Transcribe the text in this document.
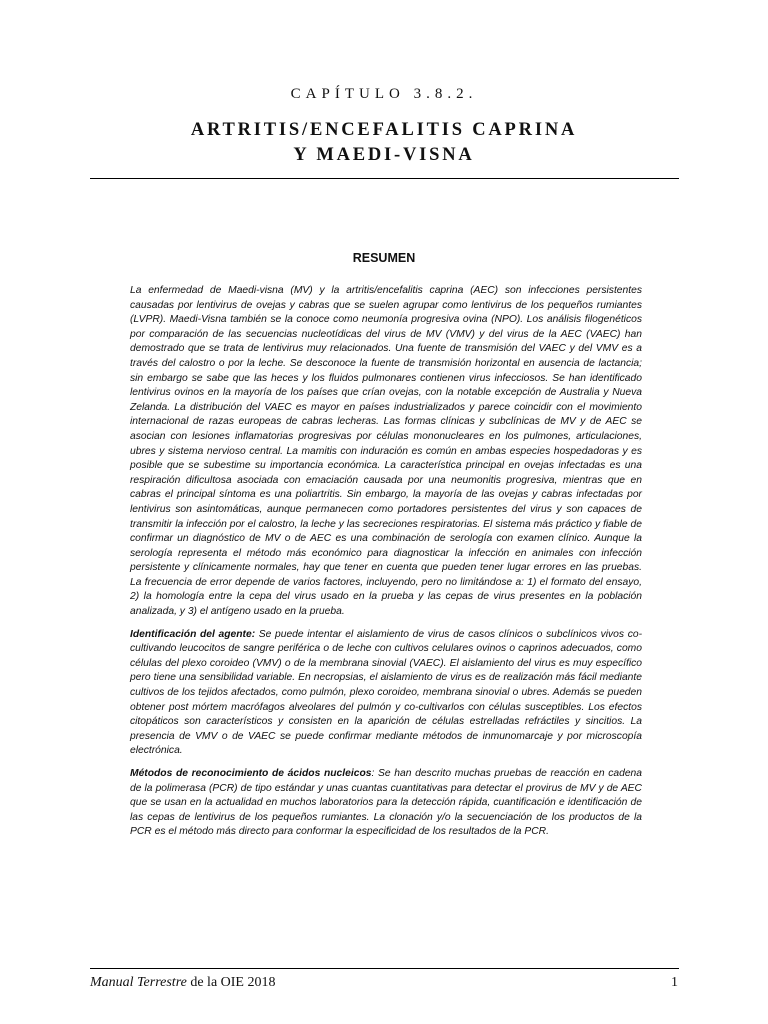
CAPÍTULO 3.8.2.
ARTRITIS/ENCEFALITIS CAPRINA
Y MAEDI-VISNA
RESUMEN

La enfermedad de Maedi-visna (MV) y la artritis/encefalitis caprina (AEC) son infecciones persistentes causadas por lentivirus de ovejas y cabras que se suelen agrupar como lentivirus de los pequeños rumiantes (LVPR). Maedi-Visna también se la conoce como neumonía progresiva ovina (NPO). Los análisis filogenéticos por comparación de las secuencias nucleotídicas del virus de MV (VMV) y del virus de la AEC (VAEC) han demostrado que se trata de lentivirus muy relacionados. Una fuente de transmisión del VAEC y del VMV es a través del calostro o por la leche. Se desconoce la fuente de transmisión horizontal en ausencia de lactancia; sin embargo se sabe que las heces y los fluidos pulmonares contienen virus infecciosos. Se han identificado lentivirus ovinos en la mayoría de los países que crían ovejas, con la notable excepción de Australia y Nueva Zelanda. La distribución del VAEC es mayor en países industrializados y parece coincidir con el movimiento internacional de razas europeas de cabras lecheras. Las formas clínicas y subclínicas de MV y de AEC se asocian con lesiones inflamatorias progresivas por células mononucleares en los pulmones, articulaciones, ubres y sistema nervioso central. La mamitis con induración es común en ambas especies hospedadoras y es posible que se subestime su importancia económica. La característica principal en ovejas infectadas es una respiración dificultosa asociada con emaciación causada por una neumonitis progresiva, mientras que en cabras el principal síntoma es una poliartritis. Sin embargo, la mayoría de las ovejas y cabras infectadas por lentivirus son asintomáticas, aunque permanecen como portadores persistentes del virus y son capaces de transmitir la infección por el calostro, la leche y las secreciones respiratorias. El sistema más práctico y fiable de confirmar un diagnóstico de MV o de AEC es una combinación de serología con examen clínico. Aunque la serología representa el método más económico para diagnosticar la infección en animales con infección persistente y clínicamente normales, hay que tener en cuenta que pueden tener lugar errores en las pruebas. La frecuencia de error depende de varios factores, incluyendo, pero no limitándose a: 1) el formato del ensayo, 2) la homología entre la cepa del virus usado en la prueba y las cepas de virus presentes en la población analizada, y 3) el antígeno usado en la prueba.

Identificación del agente: Se puede intentar el aislamiento de virus de casos clínicos o subclínicos vivos co-cultivando leucocitos de sangre periférica o de leche con cultivos celulares ovinos o caprinos adecuados, como células del plexo coroideo (VMV) o de la membrana sinovial (VAEC). El aislamiento del virus es muy específico pero tiene una sensibilidad variable. En necropsias, el aislamiento de virus es de realización más fácil mediante cultivos de los tejidos afectados, como pulmón, plexo coroideo, membrana sinovial o ubres. Además se pueden obtener post mórtem macrófagos alveolares del pulmón y co-cultivarlos con células susceptibles. Los efectos citopáticos son característicos y consisten en la aparición de células estrelladas refráctiles y sincitios. La presencia de VMV o de VAEC se puede confirmar mediante métodos de inmunomarcaje y por microscopía electrónica.

Métodos de reconocimiento de ácidos nucleicos: Se han descrito muchas pruebas de reacción en cadena de la polimerasa (PCR) de tipo estándar y unas cuantas cuantitativas para detectar el provirus de MV y de AEC que se usan en la actualidad en muchos laboratorios para la detección rápida, cuantificación e identificación de las cepas de lentivirus de los pequeños rumiantes. La clonación y/o la secuenciación de los productos de la PCR es el método más directo para conformar la especificidad de los resultados de la PCR.

Manual Terrestre de la OIE 2018	1
